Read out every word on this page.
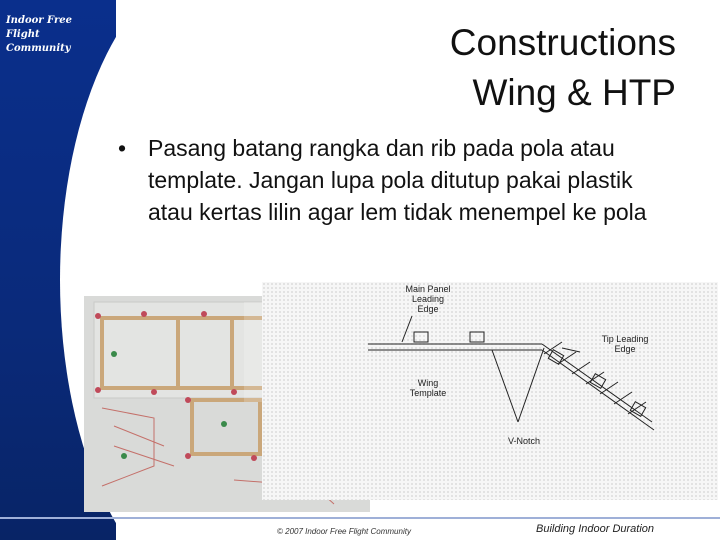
Indoor Free Flight Community	Constructions
Wing & HTP
• Pasang batang rangka dan rib pada pola atau template. Jangan lupa pola ditutup pakai plastik atau kertas lilin agar lem tidak menempel ke pola
Main Panel
Leading
Edge
Tip Leading
Edge
Wing
Template
V-Notch
© 2007 Indoor Free Flight Community	Building Indoor Duration
